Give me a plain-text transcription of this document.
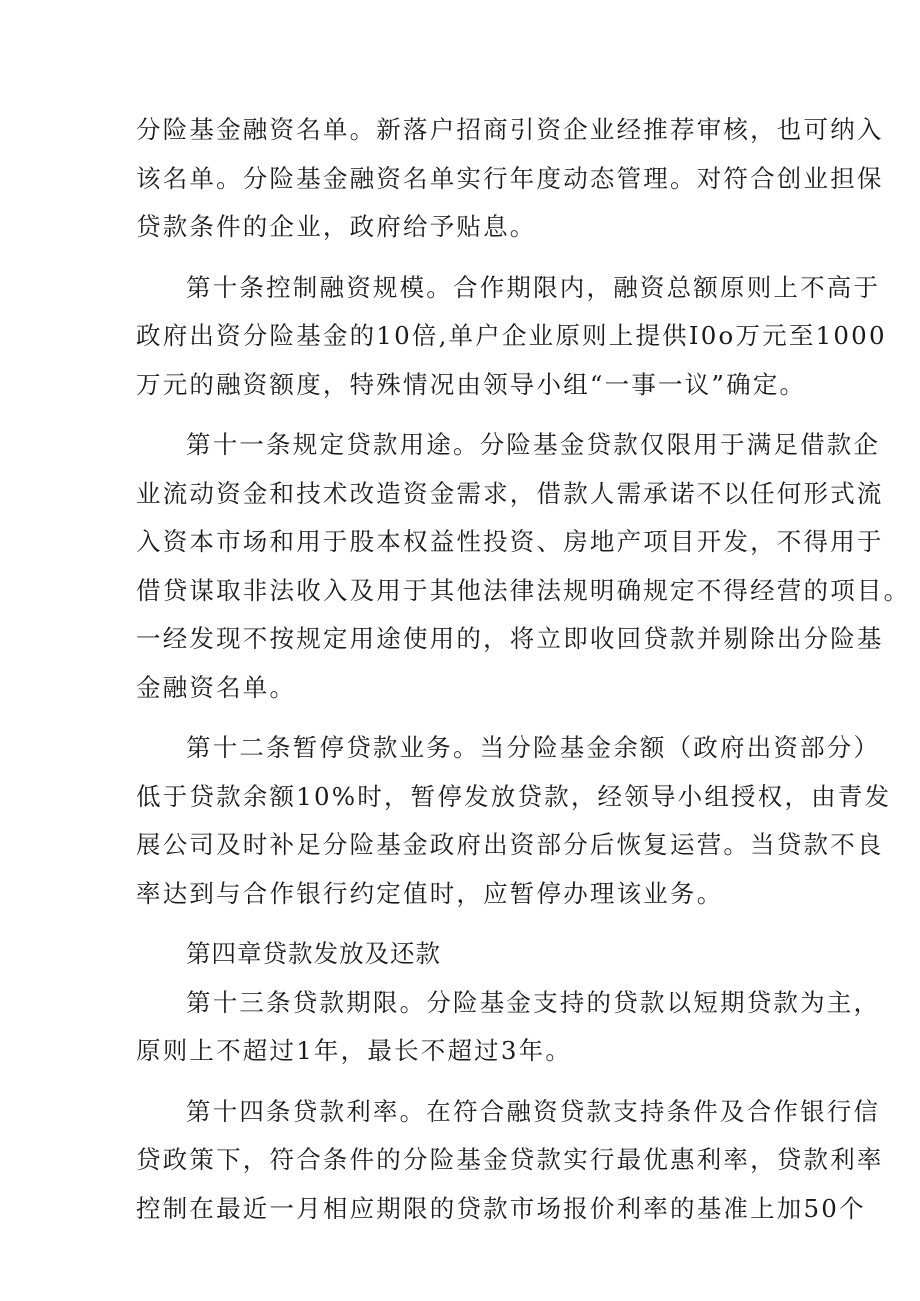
分险基金融资名单。新落户招商引资企业经推荐审核，也可纳入
该名单。分险基金融资名单实行年度动态管理。对符合创业担保
贷款条件的企业，政府给予贴息。
第十条控制融资规模。合作期限内，融资总额原则上不高于
政府出资分险基金的10倍,单户企业原则上提供I0o万元至1000
万元的融资额度，特殊情况由领导小组“一事一议”确定。
第十一条规定贷款用途。分险基金贷款仅限用于满足借款企
业流动资金和技术改造资金需求，借款人需承诺不以任何形式流
入资本市场和用于股本权益性投资、房地产项目开发，不得用于
借贷谋取非法收入及用于其他法律法规明确规定不得经营的项目。
一经发现不按规定用途使用的，将立即收回贷款并剔除出分险基
金融资名单。
第十二条暂停贷款业务。当分险基金余额（政府出资部分）
低于贷款余额10%时，暂停发放贷款，经领导小组授权，由青发
展公司及时补足分险基金政府出资部分后恢复运营。当贷款不良
率达到与合作银行约定值时，应暂停办理该业务。
第四章贷款发放及还款
第十三条贷款期限。分险基金支持的贷款以短期贷款为主，
原则上不超过1年，最长不超过3年。
第十四条贷款利率。在符合融资贷款支持条件及合作银行信
贷政策下，符合条件的分险基金贷款实行最优惠利率，贷款利率
控制在最近一月相应期限的贷款市场报价利率的基准上加50个
